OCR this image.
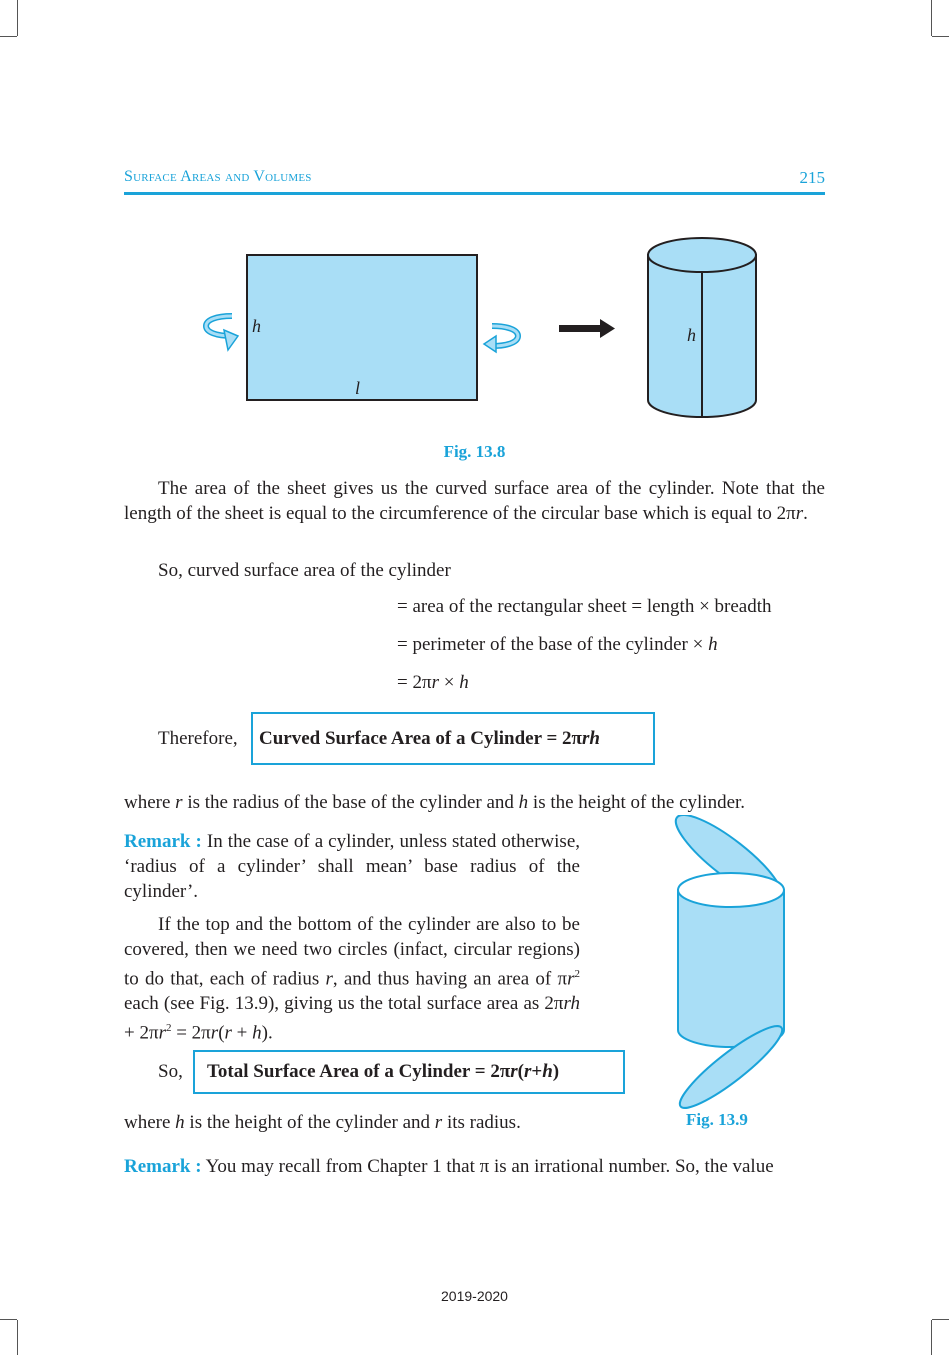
Surface Areas and Volumes	215
h
l
h
Fig. 13.8
The area of the sheet gives us the curved surface area of the cylinder. Note that the length of the sheet is equal to the circumference of the circular base which is equal to 2πr.
So, curved surface area of the cylinder
= area of the rectangular sheet = length × breadth
= perimeter of the base of the cylinder × h
= 2πr × h
Therefore, Curved Surface Area of a Cylinder = 2π rh
where r is the radius of the base of the cylinder and h is the height of the cylinder.
Remark : In the case of a cylinder, unless stated otherwise, ‘radius of a cylinder’ shall mean’ base radius of the cylinder’.
If the top and the bottom of the cylinder are also to be covered, then we need two circles (infact, circular regions) to do that, each of radius r, and thus having an area of $\pi r^2$ each (see Fig. 13.9), giving us the total surface area as $2\pi rh + 2\pi r^2 = 2\pi r(r + h)$.
So, Total Surface Area of a Cylinder = 2π r ( r + h )
where h is the height of the cylinder and r its radius.	Fig. 13.9
Remark : You may recall from Chapter 1 that π is an irrational number. So, the value
2019-2020
